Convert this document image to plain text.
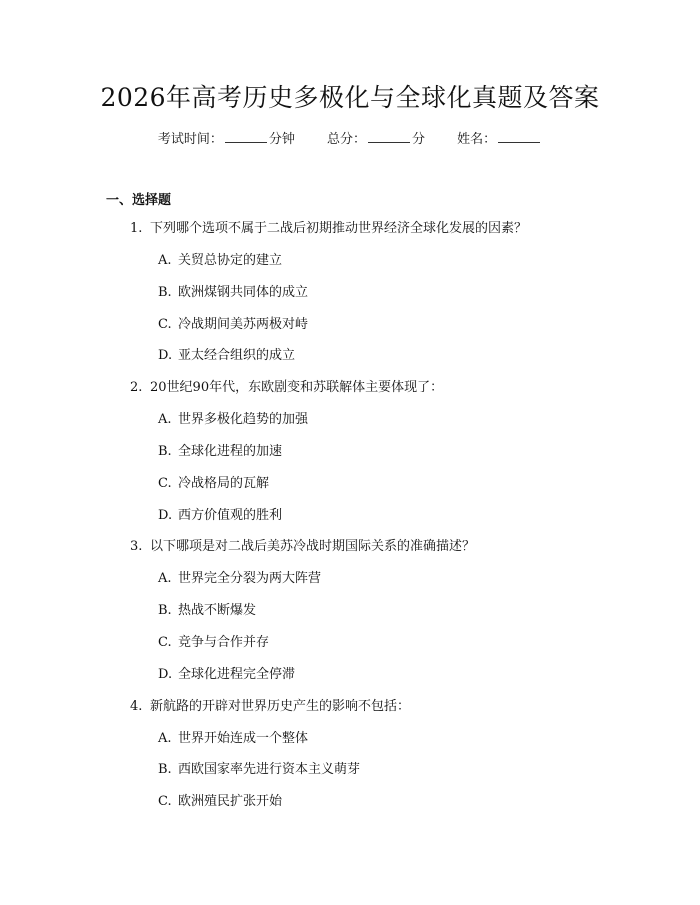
2026年高考历史多极化与全球化真题及答案
考试时间：	分钟 总分：	分 姓名：
一、选择题
1. 下列哪个选项不属于二战后初期推动世界经济全球化发展的因素？
A. 关贸总协定的建立
B. 欧洲煤钢共同体的成立
C. 冷战期间美苏两极对峙
D. 亚太经合组织的成立
2. 20世纪90年代，东欧剧变和苏联解体主要体现了：
A. 世界多极化趋势的加强
B. 全球化进程的加速
C. 冷战格局的瓦解
D. 西方价值观的胜利
3. 以下哪项是对二战后美苏冷战时期国际关系的准确描述？
A. 世界完全分裂为两大阵营
B. 热战不断爆发
C. 竞争与合作并存
D. 全球化进程完全停滞
4. 新航路的开辟对世界历史产生的影响不包括：
A. 世界开始连成一个整体
B. 西欧国家率先进行资本主义萌芽
C. 欧洲殖民扩张开始
